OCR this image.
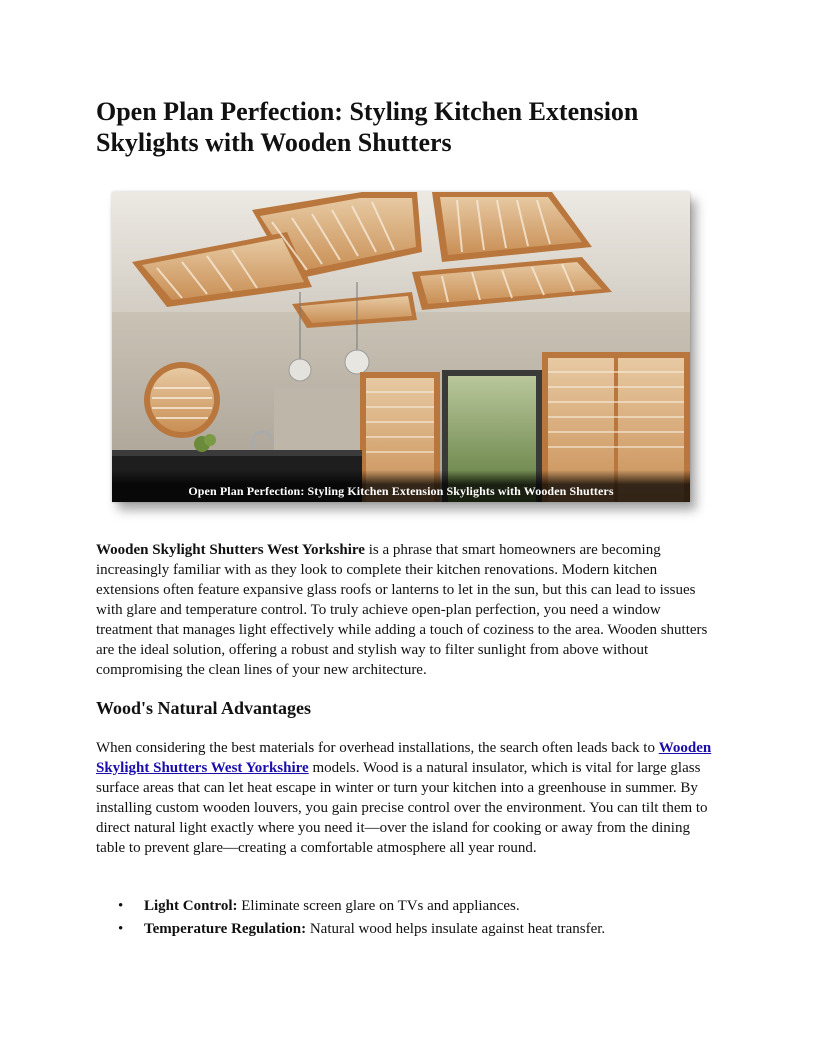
Open Plan Perfection: Styling Kitchen Extension Skylights with Wooden Shutters
Open Plan Perfection: Styling Kitchen Extension Skylights with Wooden Shutters

Wooden Skylight Shutters West Yorkshire is a phrase that smart homeowners are becoming increasingly familiar with as they look to complete their kitchen renovations. Modern kitchen extensions often feature expansive glass roofs or lanterns to let in the sun, but this can lead to issues with glare and temperature control. To truly achieve open-plan perfection, you need a window treatment that manages light effectively while adding a touch of coziness to the area. Wooden shutters are the ideal solution, offering a robust and stylish way to filter sunlight from above without compromising the clean lines of your new architecture.

Wood's Natural Advantages

When considering the best materials for overhead installations, the search often leads back to Wooden Skylight Shutters West Yorkshire models. Wood is a natural insulator, which is vital for large glass surface areas that can let heat escape in winter or turn your kitchen into a greenhouse in summer. By installing custom wooden louvers, you gain precise control over the environment. You can tilt them to direct natural light exactly where you need it—over the island for cooking or away from the dining table to prevent glare—creating a comfortable atmosphere all year round.

• Light Control: Eliminate screen glare on TVs and appliances.
• Temperature Regulation: Natural wood helps insulate against heat transfer.
